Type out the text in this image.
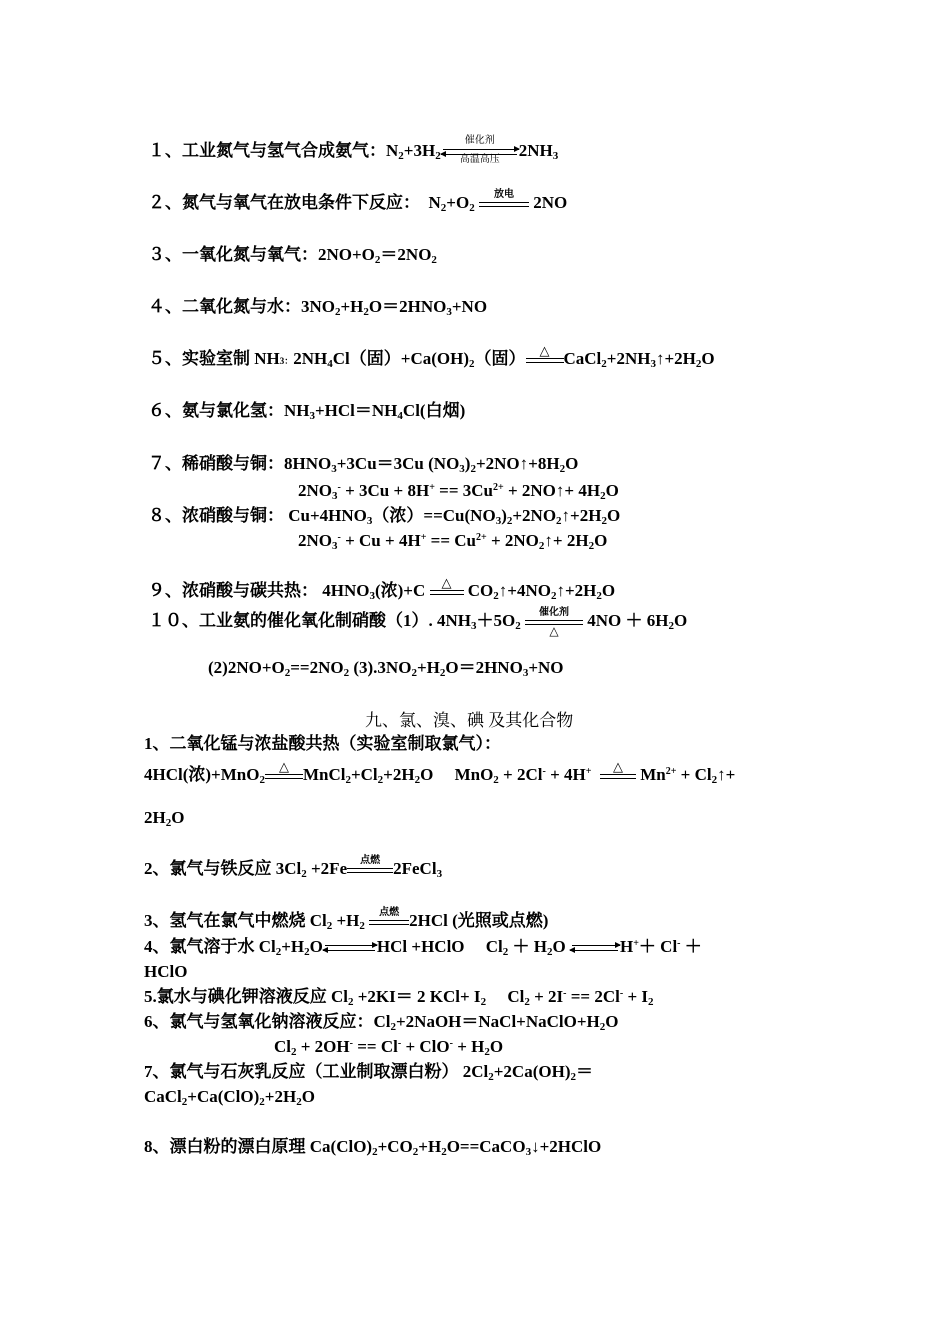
１、工业氮气与氢气合成氨气：$N_2+3H_2$
催化剂
高温高压	$2NH_3$
２、氮气与氧气在放电条件下反应： $N_2+O_2$
放电	2NO
３、一氧化氮与氧气：$2NO+O_2=2NO_2$
４、二氧化氮与水：$3NO_2+H_2O=2HNO_3+NO$
５、实验室制 NH3：$2NH_4Cl$（固）$+Ca(OH)_2$（固）	△ $CaCl_2+2NH_3↑+2H_2O$
６、氨与氯化氢：$NH_3+HCl=NH_4Cl$(白烟)
７、稀硝酸与铜：$8HNO_3+3Cu=3Cu$ $(NO_3)_2+2NO↑+8H_2O$
$2NO_3^- + 3Cu + 8H^+ == 3Cu^{2+}$ + 2NO↑+ $4H_2O$
８、浓硝酸与铜： $Cu+4HNO_3$（浓）$==Cu(NO_3)_2+2NO_2↑+2H_2O$
$2NO_3^- + Cu + 4H^+ == Cu^{2+}$ + $2NO_2↑+ 2H_2O$
９、浓硝酸与碳共热： $4HNO_3$(浓)+C	△ $CO_2↑+4NO_2↑+2H_2O$
１０、工业氨的催化氧化制硝酸（1）. $4NH_3+5O_2$
催化剂
△
$4NO + 6H_2O$
$(2)2NO+O_2==2NO_2$ $(3).3NO_2+H_2O=2HNO_3+NO$
九、氯、溴、碘 及其化合物
1、二氧化锰与浓盐酸共热（实验室制取氯气）：
4HCl(浓)+MnO$_2$
△ $MnCl_2+Cl_2+2H_2O$ MnO$_2$ + 2Cl- + 4H+	△ $Mn^{2+}$ + $Cl_2↑+$
$2H_2O$
2、氯气与铁反应 $3Cl_2 +2Fe$	点燃 2FeCl$_3$
3、氢气在氯气中燃烧 $Cl_2 +H_2$
点燃 2HCl (光照或点燃)
4、氯气溶于水 $Cl_2+H_2O\rightleftharpoons HCl$ +HClO $Cl_2 + H_2O$ ⇌H+＋ Cl- ＋
HClO
5.氯水与碘化钾溶液反应 $Cl_2 +2KI= 2$ $KCl+ I_2$ $Cl_2 + 2I^- == 2Cl^- + I_2$
6、氯气与氢氧化钠溶液反应：$Cl_2+2NaOH=NaCl+NaClO+H_2O$
$Cl_2 + 2OH^- == Cl^- + ClO^- + H_2O$
7、氯气与石灰乳反应（工业制取漂白粉） $2Cl_2+2Ca(OH)_2=$
$CaCl_2+Ca(ClO)_2+2H_2O$
8、漂白粉的漂白原理 $Ca(ClO)_2+CO_2+H_2O==CaCO_3↓+2HClO$
